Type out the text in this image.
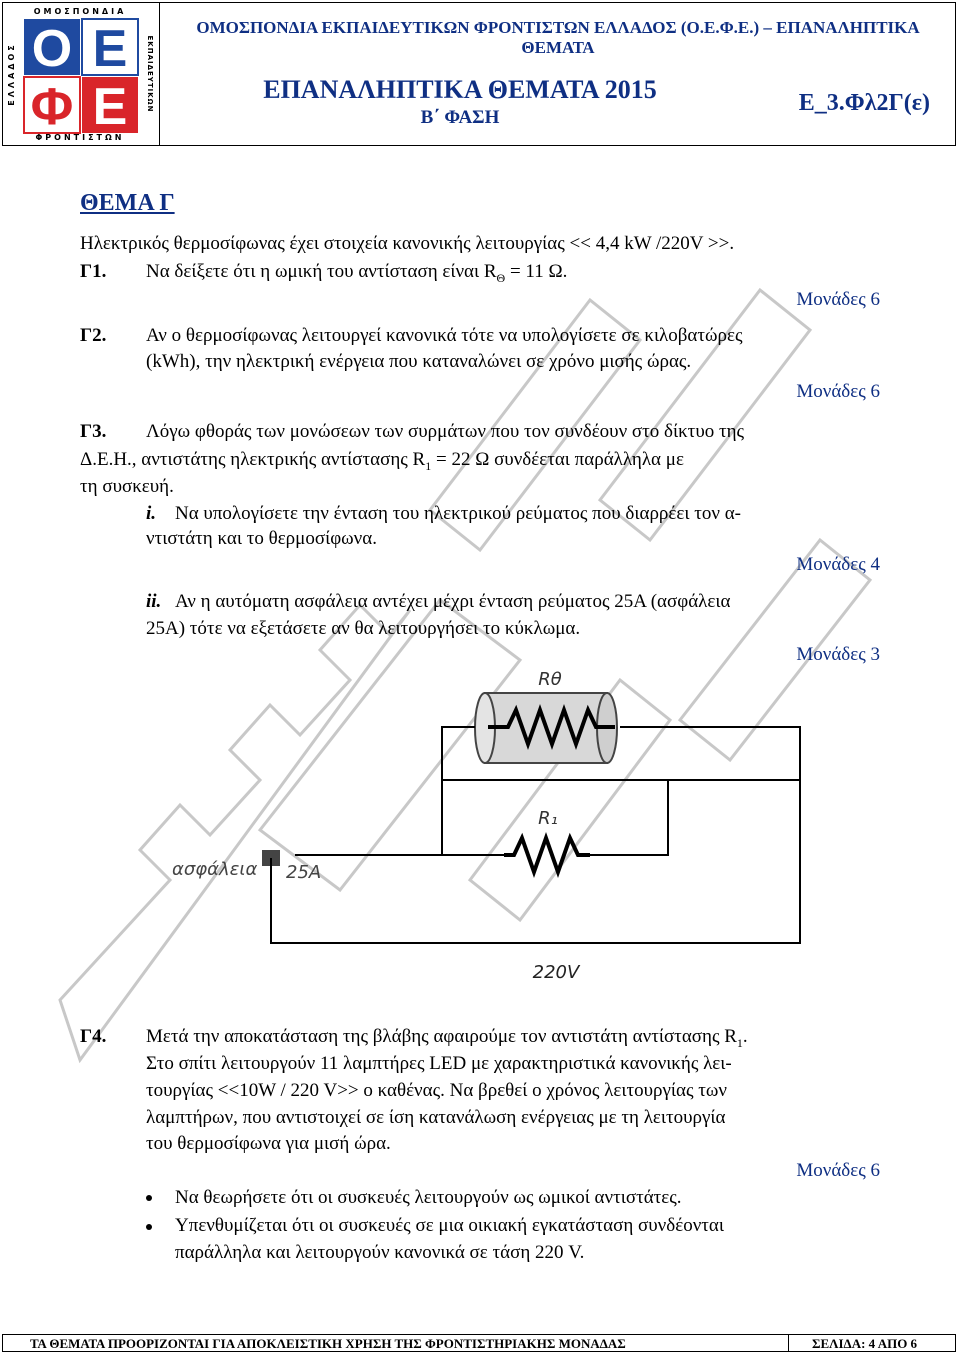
ΟΜΟΣΠΟΝΔΙΑ
ΦΡΟΝΤΙΣΤΩΝ
ΕΛΛΑΔΟΣ	ΕΚΠΑΙΔΕΥΤΙΚΩΝ
Ο Ε
Φ Ε
ΟΜΟΣΠΟΝΔΙΑ ΕΚΠΑΙΔΕΥΤΙΚΩΝ ΦΡΟΝΤΙΣΤΩΝ ΕΛΛΑΔΟΣ (Ο.Ε.Φ.Ε.) – ΕΠΑΝΑΛΗΠΤΙΚΑ ΘΕΜΑΤΑ
ΕΠΑΝΑΛΗΠΤΙΚΑ ΘΕΜΑΤΑ 2015
Β΄ ΦΑΣΗ
Ε_3.Φλ2Γ(ε)
ΘΕΜΑ Γ
Ηλεκτρικός θερμοσίφωνας έχει στοιχεία κανονικής λειτουργίας << 4,4 kW /220V >>.
Γ1. Να δείξετε ότι η ωμική του αντίσταση είναι $R_\Theta = 11$ Ω.
Μονάδες 6
Γ2. Αν ο θερμοσίφωνας λειτουργεί κανονικά τότε να υπολογίσετε σε κιλοβατώρες
(kWh), την ηλεκτρική ενέργεια που καταναλώνει σε χρόνο μισής ώρας.
Μονάδες 6
Γ3. Λόγω φθοράς των μονώσεων των συρμάτων που τον συνδέουν στο δίκτυο της
Δ.Ε.Η., αντιστάτης ηλεκτρικής αντίστασης $R_1 = 22$ Ω συνδέεται παράλληλα με
τη συσκευή.
i. Να υπολογίσετε την ένταση του ηλεκτρικού ρεύματος που διαρρέει τον α-
ντιστάτη και το θερμοσίφωνα.
Μονάδες 4
ii. Αν η αυτόματη ασφάλεια αντέχει μέχρι ένταση ρεύματος 25Α (ασφάλεια
25Α) τότε να εξετάσετε αν θα λειτουργήσει το κύκλωμα.
Μονάδες 3
Rθ
R₁
ασφάλεια 25A
220V
Γ4. Μετά την αποκατάσταση της βλάβης αφαιρούμε τον αντιστάτη αντίστασης $R_1$.
Στο σπίτι λειτουργούν 11 λαμπτήρες LED με χαρακτηριστικά κανονικής λει-
τουργίας <<10W / 220 V>> ο καθένας. Να βρεθεί ο χρόνος λειτουργίας των
λαμπτήρων, που αντιστοιχεί σε ίση κατανάλωση ενέργειας με τη λειτουργία
του θερμοσίφωνα για μισή ώρα.
Μονάδες 6
Να θεωρήσετε ότι οι συσκευές λειτουργούν ως ωμικοί αντιστάτες.
Υπενθυμίζεται ότι οι συσκευές σε μια οικιακή εγκατάσταση συνδέονται
παράλληλα και λειτουργούν κανονικά σε τάση 220 V.
ΤΑ ΘΕΜΑΤΑ ΠΡΟΟΡΙΖΟΝΤΑΙ ΓΙΑ ΑΠΟΚΛΕΙΣΤΙΚΗ ΧΡΗΣΗ ΤΗΣ ΦΡΟΝΤΙΣΤΗΡΙΑΚΗΣ ΜΟΝΑΔΑΣ	ΣΕΛΙΔΑ: 4 ΑΠΟ 6
